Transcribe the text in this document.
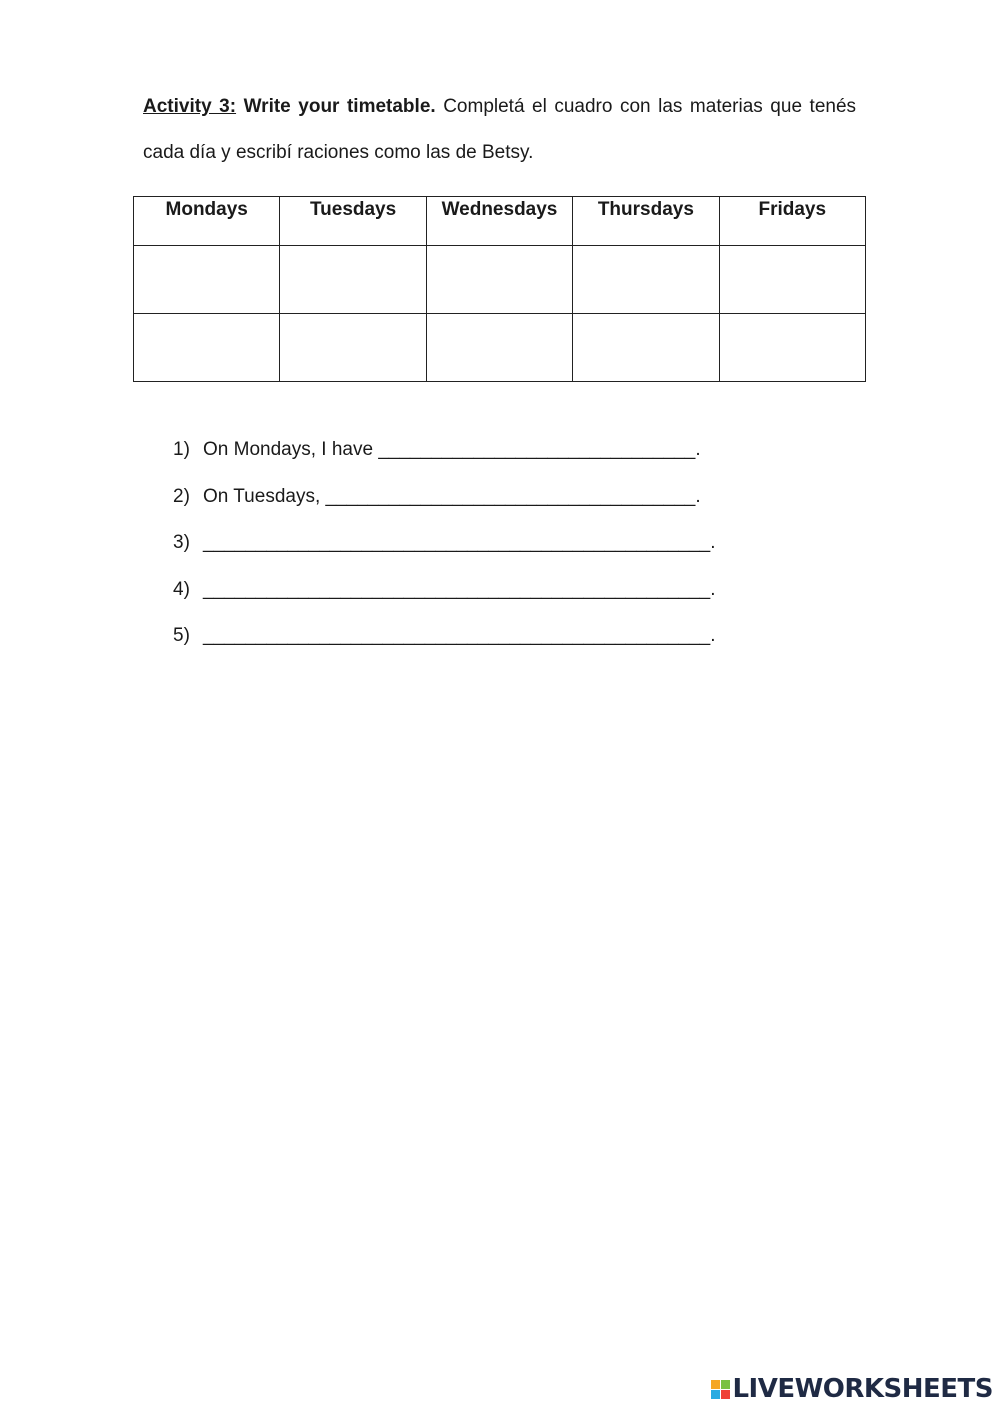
Activity 3: Write your timetable. Completá el cuadro con las materias que tenés cada día y escribí raciones como las de Betsy.
Mondays	Tuesdays	Wednesdays	Thursdays	Fridays

1) On Mondays, I have ______________________________.
2) On Tuesdays, ___________________________________.
3) ________________________________________________.
4) ________________________________________________.
5) ________________________________________________.
LIVEWORKSHEETS
